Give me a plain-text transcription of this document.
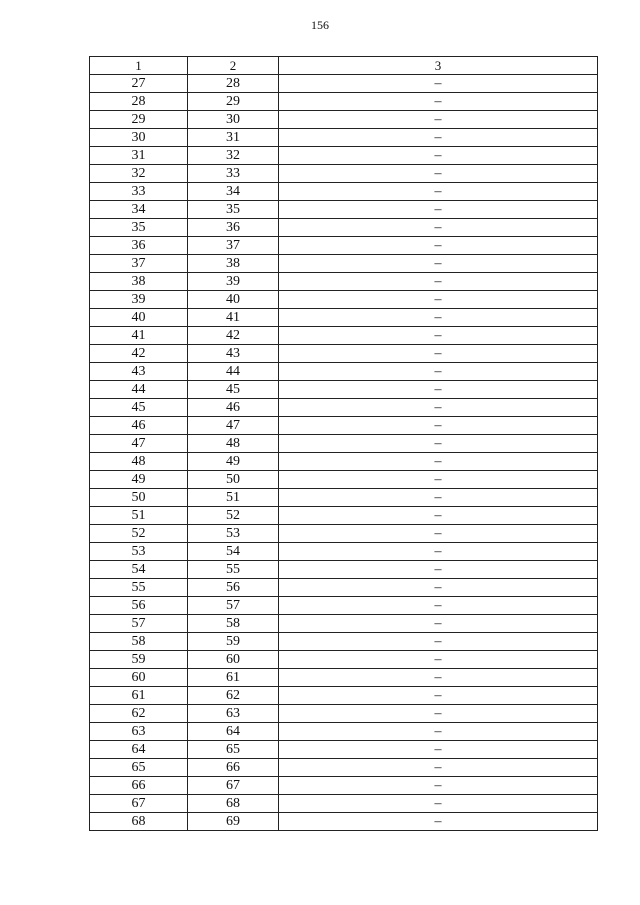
156
1	2	3
27	28	–
28	29	–
29	30	–
30	31	–
31	32	–
32	33	–
33	34	–
34	35	–
35	36	–
36	37	–
37	38	–
38	39	–
39	40	–
40	41	–
41	42	–
42	43	–
43	44	–
44	45	–
45	46	–
46	47	–
47	48	–
48	49	–
49	50	–
50	51	–
51	52	–
52	53	–
53	54	–
54	55	–
55	56	–
56	57	–
57	58	–
58	59	–
59	60	–
60	61	–
61	62	–
62	63	–
63	64	–
64	65	–
65	66	–
66	67	–
67	68	–
68	69	–
